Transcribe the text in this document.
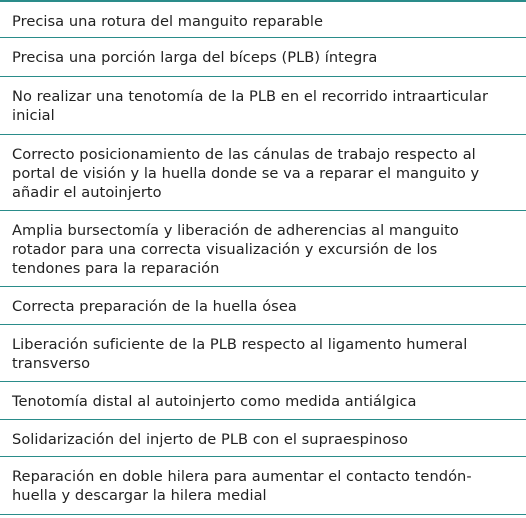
Precisa una rotura del manguito reparable
Precisa una porción larga del bíceps (PLB) íntegra
No realizar una tenotomía de la PLB en el recorrido intraarticular inicial
Correcto posicionamiento de las cánulas de trabajo respecto al portal de visión y la huella donde se va a reparar el manguito y añadir el autoinjerto
Amplia bursectomía y liberación de adherencias al manguito rotador para una correcta visualización y excursión de los tendones para la reparación
Correcta preparación de la huella ósea
Liberación suficiente de la PLB respecto al ligamento humeral transverso
Tenotomía distal al autoinjerto como medida antiálgica
Solidarización del injerto de PLB con el supraespinoso
Reparación en doble hilera para aumentar el contacto tendón-huella y descargar la hilera medial
